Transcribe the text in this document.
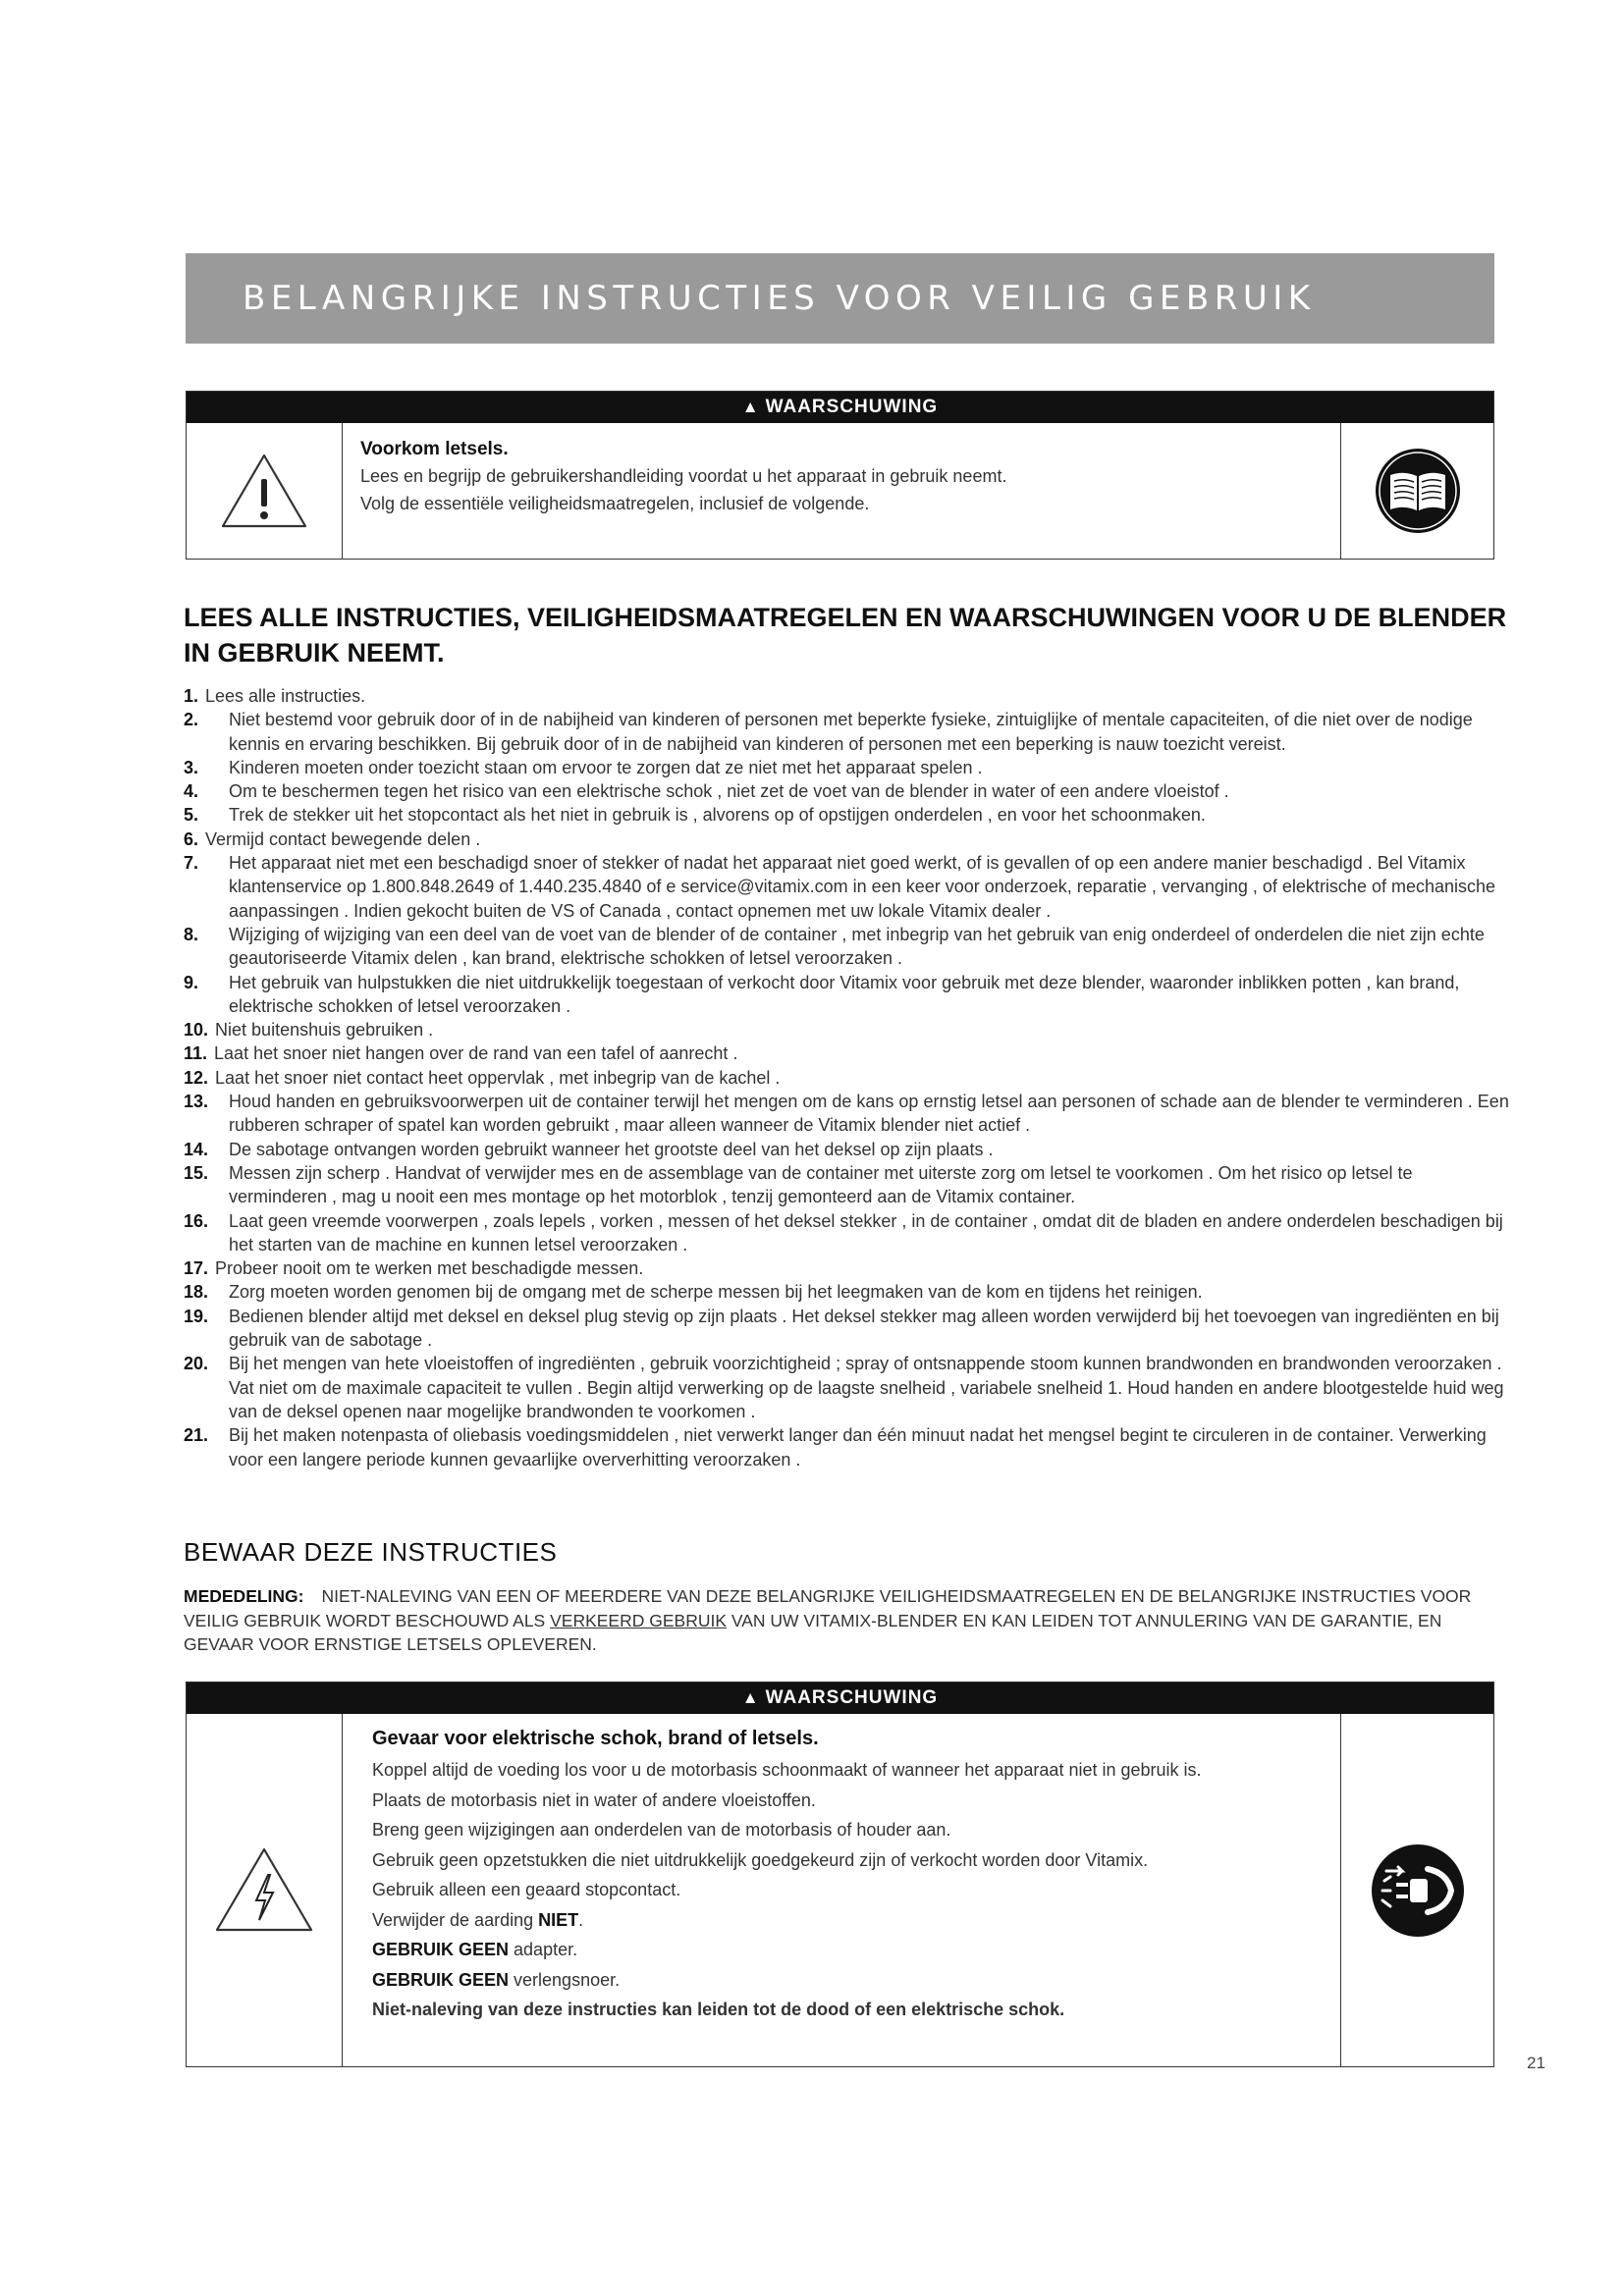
BELANGRIJKE INSTRUCTIES VOOR VEILIG GEBRUIK
▲ WAARSCHUWING
Voorkom letsels.
Lees en begrijp de gebruikershandleiding voordat u het apparaat in gebruik neemt.
Volg de essentiële veiligheidsmaatregelen, inclusief de volgende.
LEES ALLE INSTRUCTIES, VEILIGHEIDSMAATREGELEN EN WAARSCHUWINGEN VOOR U DE BLENDER IN GEBRUIK NEEMT.
1. Lees alle instructies.
2.	Niet bestemd voor gebruik door of in de nabijheid van kinderen of personen met beperkte fysieke, zintuiglijke of mentale capaciteiten, of die niet over de nodige kennis en ervaring beschikken. Bij gebruik door of in de nabijheid van kinderen of personen met een beperking is nauw toezicht vereist.
3.	Kinderen moeten onder toezicht staan om ervoor te zorgen dat ze niet met het apparaat spelen .
4.	Om te beschermen tegen het risico van een elektrische schok , niet zet de voet van de blender in water of een andere vloeistof .
5.	Trek de stekker uit het stopcontact als het niet in gebruik is , alvorens op of opstijgen onderdelen , en voor het schoonmaken.
6. Vermijd contact bewegende delen .
7.	Het apparaat niet met een beschadigd snoer of stekker of nadat het apparaat niet goed werkt, of is gevallen of op een andere manier beschadigd . Bel Vitamix klantenservice op 1.800.848.2649 of 1.440.235.4840 of e service@vitamix.com in een keer voor onderzoek, reparatie , vervanging , of elektrische of mechanische aanpassingen . Indien gekocht buiten de VS of Canada , contact opnemen met uw lokale Vitamix dealer .
8.	Wijziging of wijziging van een deel van de voet van de blender of de container , met inbegrip van het gebruik van enig onderdeel of onderdelen die niet zijn echte geautoriseerde Vitamix delen , kan brand, elektrische schokken of letsel veroorzaken .
9.	Het gebruik van hulpstukken die niet uitdrukkelijk toegestaan of verkocht door Vitamix voor gebruik met deze blender, waaronder inblikken potten , kan brand, elektrische schokken of letsel veroorzaken .
10. Niet buitenshuis gebruiken .
11. Laat het snoer niet hangen over de rand van een tafel of aanrecht .
12. Laat het snoer niet contact heet oppervlak , met inbegrip van de kachel .
13.	Houd handen en gebruiksvoorwerpen uit de container terwijl het mengen om de kans op ernstig letsel aan personen of schade aan de blender te verminderen . Een rubberen schraper of spatel kan worden gebruikt , maar alleen wanneer de Vitamix blender niet actief .
14.	De sabotage ontvangen worden gebruikt wanneer het grootste deel van het deksel op zijn plaats .
15.	Messen zijn scherp . Handvat of verwijder mes en de assemblage van de container met uiterste zorg om letsel te voorkomen . Om het risico op letsel te verminderen , mag u nooit een mes montage op het motorblok , tenzij gemonteerd aan de Vitamix container.
16.	Laat geen vreemde voorwerpen , zoals lepels , vorken , messen of het deksel stekker , in de container , omdat dit de bladen en andere onderdelen beschadigen bij het starten van de machine en kunnen letsel veroorzaken .
17. Probeer nooit om te werken met beschadigde messen.
18.	Zorg moeten worden genomen bij de omgang met de scherpe messen bij het leegmaken van de kom en tijdens het reinigen.
19.	Bedienen blender altijd met deksel en deksel plug stevig op zijn plaats . Het deksel stekker mag alleen worden verwijderd bij het toevoegen van ingrediënten en bij gebruik van de sabotage .
20.	Bij het mengen van hete vloeistoffen of ingrediënten , gebruik voorzichtigheid ; spray of ontsnappende stoom kunnen brandwonden en brandwonden veroorzaken . Vat niet om de maximale capaciteit te vullen . Begin altijd verwerking op de laagste snelheid , variabele snelheid 1. Houd handen en andere blootgestelde huid weg van de deksel openen naar mogelijke brandwonden te voorkomen .
21.	Bij het maken notenpasta of oliebasis voedingsmiddelen , niet verwerkt langer dan één minuut nadat het mengsel begint te circuleren in de container. Verwerking voor een langere periode kunnen gevaarlijke oververhitting veroorzaken .
BEWAAR DEZE INSTRUCTIES
MEDEDELING: NIET-NALEVING VAN EEN OF MEERDERE VAN DEZE BELANGRIJKE VEILIGHEIDSMAATREGELEN EN DE BELANGRIJKE INSTRUCTIES VOOR VEILIG GEBRUIK WORDT BESCHOUWD ALS VERKEERD GEBRUIK VAN UW VITAMIX-BLENDER EN KAN LEIDEN TOT ANNULERING VAN DE GARANTIE, EN GEVAAR VOOR ERNSTIGE LETSELS OPLEVEREN.
▲ WAARSCHUWING
Gevaar voor elektrische schok, brand of letsels.
Koppel altijd de voeding los voor u de motorbasis schoonmaakt of wanneer het apparaat niet in gebruik is.
Plaats de motorbasis niet in water of andere vloeistoffen.
Breng geen wijzigingen aan onderdelen van de motorbasis of houder aan.
Gebruik geen opzetstukken die niet uitdrukkelijk goedgekeurd zijn of verkocht worden door Vitamix.
Gebruik alleen een geaard stopcontact.
Verwijder de aarding NIET.
GEBRUIK GEEN adapter.
GEBRUIK GEEN verlengsnoer.
Niet-naleving van deze instructies kan leiden tot de dood of een elektrische schok.
21
